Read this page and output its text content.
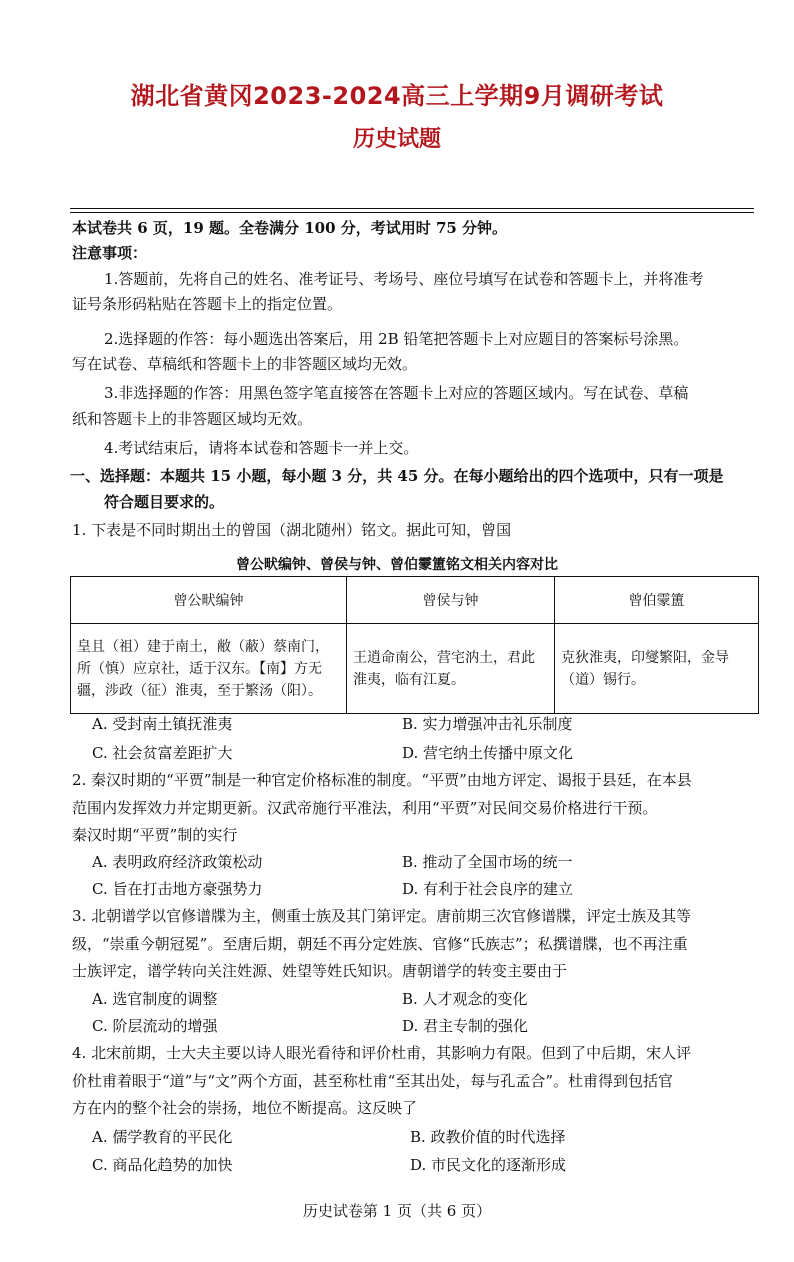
湖北省黄冈2023-2024高三上学期9月调研考试
历史试题
本试卷共 6 页，19 题。全卷满分 100 分，考试用时 75 分钟。
注意事项：
1.答题前，先将自己的姓名、准考证号、考场号、座位号填写在试卷和答题卡上，并将准考
证号条形码粘贴在答题卡上的指定位置。
2.选择题的作答：每小题选出答案后，用 2B 铅笔把答题卡上对应题目的答案标号涂黑。
写在试卷、草稿纸和答题卡上的非答题区域均无效。
3.非选择题的作答：用黑色签字笔直接答在答题卡上对应的答题区域内。写在试卷、草稿
纸和答题卡上的非答题区域均无效。
4.考试结束后，请将本试卷和答题卡一并上交。
一、选择题：本题共 15 小题，每小题 3 分，共 45 分。在每小题给出的四个选项中，只有一项是
符合题目要求的。
1. 下表是不同时期出土的曾国（湖北随州）铭文。据此可知，曾国
曾公畎编钟、曾侯与钟、曾伯霥簠铭文相关内容对比
曾公畎编钟	曾侯与钟	曾伯霥簠
皇且（祖）建于南土，敝（蔽）蔡南门，所（慎）应京社，适于汉东。【南】方无疆，涉政（征）淮夷，至于繁汤（阳）。	王逍命南公，营宅汭土，君此淮夷，临有江夏。	克狄淮夷，印燮繁阳，金导（道）锡行。
A. 受封南土镇抚淮夷	B. 实力增强冲击礼乐制度
C. 社会贫富差距扩大	D. 营宅纳土传播中原文化
2. 秦汉时期的“平贾”制是一种官定价格标准的制度。“平贾”由地方评定、谒报于县廷，在本县
范围内发挥效力并定期更新。汉武帝施行平准法，利用“平贾”对民间交易价格进行干预。
秦汉时期“平贾”制的实行
A. 表明政府经济政策松动	B. 推动了全国市场的统一
C. 旨在打击地方豪强势力	D. 有利于社会良序的建立
3. 北朝谱学以官修谱牒为主，侧重士族及其门第评定。唐前期三次官修谱牒，评定士族及其等
级，“崇重今朝冠冕”。至唐后期，朝廷不再分定姓族、官修“氏族志”；私撰谱牒，也不再注重
士族评定，谱学转向关注姓源、姓望等姓氏知识。唐朝谱学的转变主要由于
A. 选官制度的调整	B. 人才观念的变化
C. 阶层流动的增强	D. 君主专制的强化
4. 北宋前期，士大夫主要以诗人眼光看待和评价杜甫，其影响力有限。但到了中后期，宋人评
价杜甫着眼于“道”与“文”两个方面，甚至称杜甫“至其出处，每与孔孟合”。杜甫得到包括官
方在内的整个社会的崇扬，地位不断提高。这反映了
A. 儒学教育的平民化	B. 政教价值的时代选择
C. 商品化趋势的加快	D. 市民文化的逐渐形成
历史试卷第 1 页（共 6 页）
